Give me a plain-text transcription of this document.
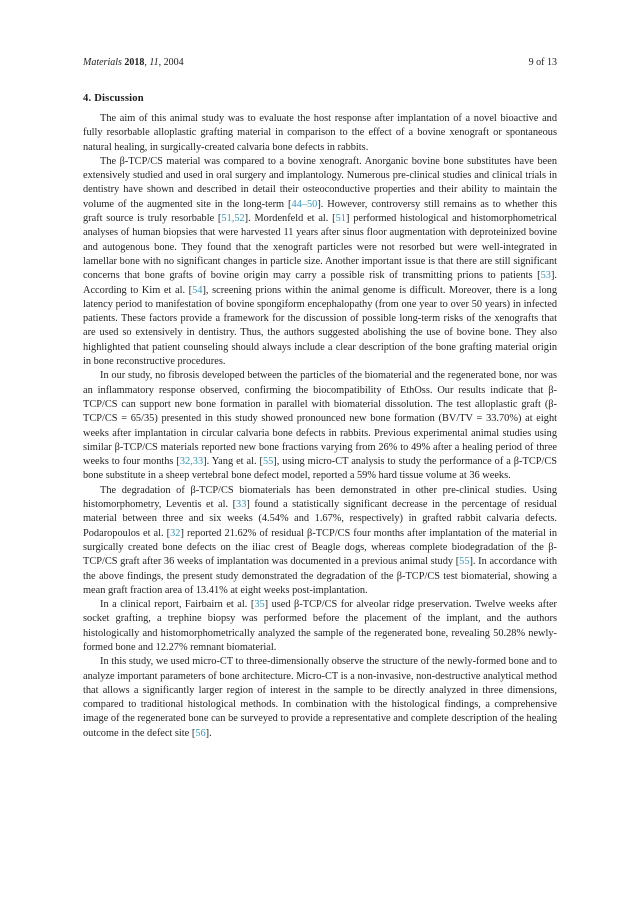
Materials 2018, 11, 2004	9 of 13
4. Discussion

The aim of this animal study was to evaluate the host response after implantation of a novel bioactive and fully resorbable alloplastic grafting material in comparison to the effect of a bovine xenograft or spontaneous natural healing, in surgically-created calvaria bone defects in rabbits.

The β-TCP/CS material was compared to a bovine xenograft. Anorganic bovine bone substitutes have been extensively studied and used in oral surgery and implantology. Numerous pre-clinical studies and clinical trials in dentistry have shown and described in detail their osteoconductive properties and their ability to maintain the volume of the augmented site in the long-term [44–50]. However, controversy still remains as to whether this graft source is truly resorbable [51,52]. Mordenfeld et al. [51] performed histological and histomorphometrical analyses of human biopsies that were harvested 11 years after sinus floor augmentation with deproteinized bovine and autogenous bone. They found that the xenograft particles were not resorbed but were well-integrated in lamellar bone with no significant changes in particle size. Another important issue is that there are still significant concerns that bone grafts of bovine origin may carry a possible risk of transmitting prions to patients [53]. According to Kim et al. [54], screening prions within the animal genome is difficult. Moreover, there is a long latency period to manifestation of bovine spongiform encephalopathy (from one year to over 50 years) in infected patients. These factors provide a framework for the discussion of possible long-term risks of the xenografts that are used so extensively in dentistry. Thus, the authors suggested abolishing the use of bovine bone. They also highlighted that patient counseling should always include a clear description of the bone grafting material origin in bone reconstructive procedures.

In our study, no fibrosis developed between the particles of the biomaterial and the regenerated bone, nor was an inflammatory response observed, confirming the biocompatibility of EthOss. Our results indicate that β-TCP/CS can support new bone formation in parallel with biomaterial dissolution. The test alloplastic graft (β-TCP/CS = 65/35) presented in this study showed pronounced new bone formation (BV/TV = 33.70%) at eight weeks after implantation in circular calvaria bone defects in rabbits. Previous experimental animal studies using similar β-TCP/CS materials reported new bone fractions varying from 26% to 49% after a healing period of three weeks to four months [32,33]. Yang et al. [55], using micro-CT analysis to study the performance of a β-TCP/CS bone substitute in a sheep vertebral bone defect model, reported a 59% hard tissue volume at 36 weeks.

The degradation of β-TCP/CS biomaterials has been demonstrated in other pre-clinical studies. Using histomorphometry, Leventis et al. [33] found a statistically significant decrease in the percentage of residual material between three and six weeks (4.54% and 1.67%, respectively) in grafted rabbit calvaria defects. Podaropoulos et al. [32] reported 21.62% of residual β-TCP/CS four months after implantation of the material in surgically created bone defects on the iliac crest of Beagle dogs, whereas complete biodegradation of the β-TCP/CS graft after 36 weeks of implantation was documented in a previous animal study [55]. In accordance with the above findings, the present study demonstrated the degradation of the β-TCP/CS test biomaterial, showing a mean graft fraction area of 13.41% at eight weeks post-implantation.

In a clinical report, Fairbairn et al. [35] used β-TCP/CS for alveolar ridge preservation. Twelve weeks after socket grafting, a trephine biopsy was performed before the placement of the implant, and the authors histologically and histomorphometrically analyzed the sample of the regenerated bone, revealing 50.28% newly-formed bone and 12.27% remnant biomaterial.

In this study, we used micro-CT to three-dimensionally observe the structure of the newly-formed bone and to analyze important parameters of bone architecture. Micro-CT is a non-invasive, non-destructive analytical method that allows a significantly larger region of interest in the sample to be directly analyzed in three dimensions, compared to traditional histological methods. In combination with the histological findings, a comprehensive image of the regenerated bone can be surveyed to provide a representative and complete description of the healing outcome in the defect site [56].
